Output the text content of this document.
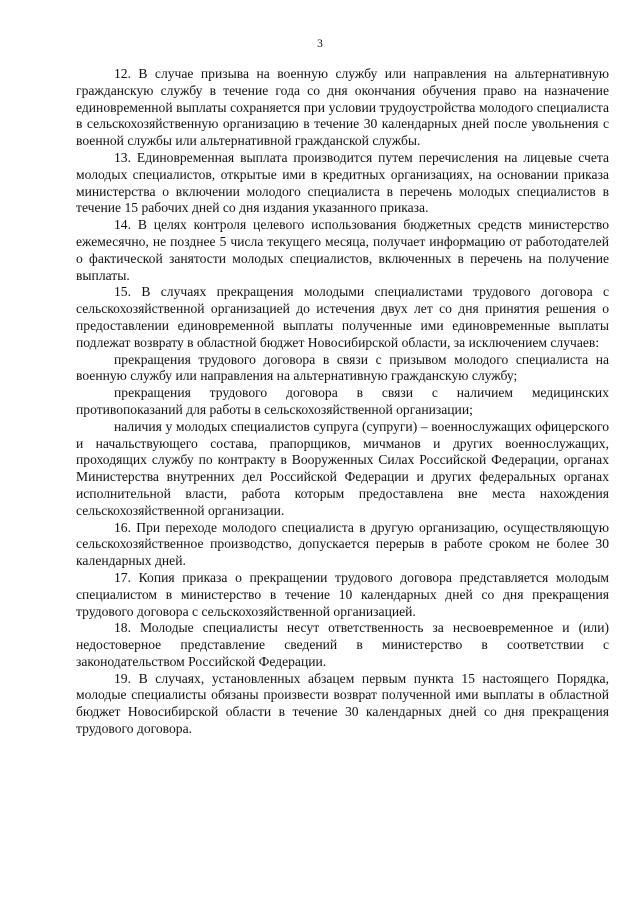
3

12. В случае призыва на военную службу или направления на альтернативную гражданскую службу в течение года со дня окончания обучения право на назначение единовременной выплаты сохраняется при условии трудоустройства молодого специалиста в сельскохозяйственную организацию в течение 30 календарных дней после увольнения с военной службы или альтернативной гражданской службы.

13. Единовременная выплата производится путем перечисления на лицевые счета молодых специалистов, открытые ими в кредитных организациях, на основании приказа министерства о включении молодого специалиста в перечень молодых специалистов в течение 15 рабочих дней со дня издания указанного приказа.

14. В целях контроля целевого использования бюджетных средств министерство ежемесячно, не позднее 5 числа текущего месяца, получает информацию от работодателей о фактической занятости молодых специалистов, включенных в перечень на получение выплаты.

15. В случаях прекращения молодыми специалистами трудового договора с сельскохозяйственной организацией до истечения двух лет со дня принятия решения о предоставлении единовременной выплаты полученные ими единовременные выплаты подлежат возврату в областной бюджет Новосибирской области, за исключением случаев:

прекращения трудового договора в связи с призывом молодого специалиста на военную службу или направления на альтернативную гражданскую службу;

прекращения трудового договора в связи с наличием медицинских противопоказаний для работы в сельскохозяйственной организации;

наличия у молодых специалистов супруга (супруги) – военнослужащих офицерского и начальствующего состава, прапорщиков, мичманов и других военнослужащих, проходящих службу по контракту в Вооруженных Силах Российской Федерации, органах Министерства внутренних дел Российской Федерации и других федеральных органах исполнительной власти, работа которым предоставлена вне места нахождения сельскохозяйственной организации.

16. При переходе молодого специалиста в другую организацию, осуществляющую сельскохозяйственное производство, допускается перерыв в работе сроком не более 30 календарных дней.

17. Копия приказа о прекращении трудового договора представляется молодым специалистом в министерство в течение 10 календарных дней со дня прекращения трудового договора с сельскохозяйственной организацией.

18. Молодые специалисты несут ответственность за несвоевременное и (или) недостоверное представление сведений в министерство в соответствии с законодательством Российской Федерации.

19. В случаях, установленных абзацем первым пункта 15 настоящего Порядка, молодые специалисты обязаны произвести возврат полученной ими выплаты в областной бюджет Новосибирской области в течение 30 календарных дней со дня прекращения трудового договора.
